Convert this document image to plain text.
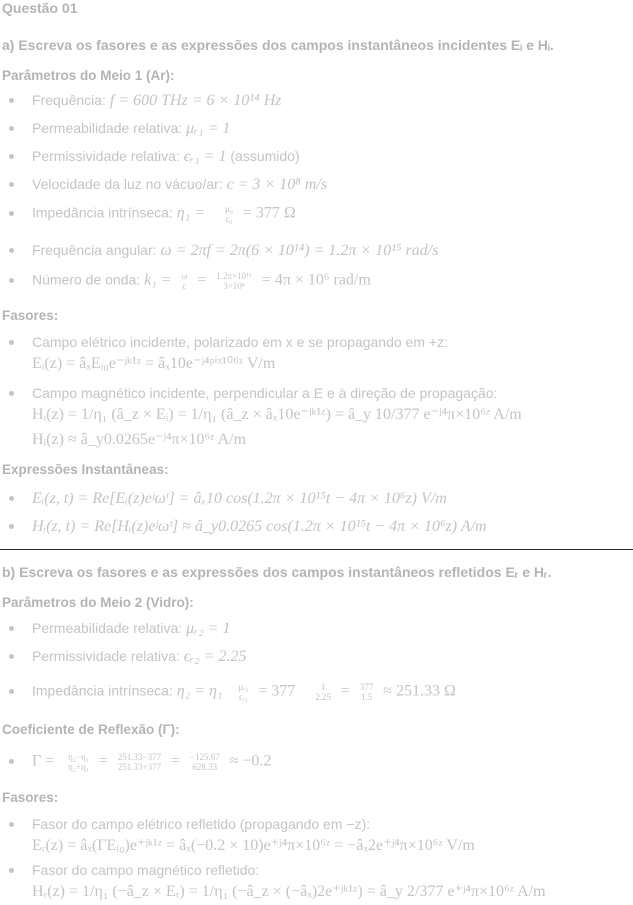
Questão 01
a) Escreva os fasores e as expressões dos campos instantâneos incidentes Eᵢ e Hᵢ.
Parâmetros do Meio 1 (Ar):
Frequência: f = 600 THz = 6 × 10¹⁴ Hz
Permeabilidade relativa: μᵣ₁ = 1
Permissividade relativa: ϵᵣ₁ = 1 (assumido)
Velocidade da luz no vácuo/ar: c = 3 × 10⁸ m/s
Impedância intrínseca: η₁ = μ₀
ϵ₀ = 377 Ω
Frequência angular: ω = 2πf = 2π(6 × 10¹⁴) = 1.2π × 10¹⁵ rad/s
Número de onda: k₁ = ω
c = 1.2π×10¹⁵
3×10⁸	= 4π × 10⁶ rad/m
Fasores:
Campo elétrico incidente, polarizado em x e se propagando em +z:
Eᵢ(z) = âₓEᵢ₀e⁻ʲᵏ¹ᶻ = âₓ10e⁻ʲ⁴ᵖⁱˣ¹⁰⁶ᶻ V/m
Campo magnético incidente, perpendicular a E e à direção de propagação:
Hᵢ(z) = 1/η₁ (â_z × Eᵢ) = 1/η₁ (â_z × âₓ10e⁻ʲᵏ¹ᶻ) = â_y 10/377 e⁻ʲ⁴π×10⁶ᶻ A/m
Hᵢ(z) ≈ â_y0.0265e⁻ʲ⁴π×10⁶ᶻ A/m
Expressões Instantâneas:
Eᵢ(z, t) = Re[Eᵢ(z)eʲωᵗ] = âₓ10 cos(1.2π × 10¹⁵t − 4π × 10⁶z) V/m
Hᵢ(z, t) = Re[Hᵢ(z)eʲωᵗ] ≈ â_y0.0265 cos(1.2π × 10¹⁵t − 4π × 10⁶z) A/m
b) Escreva os fasores e as expressões dos campos instantâneos refletidos Eᵣ e Hᵣ.
Parâmetros do Meio 2 (Vidro):
Permeabilidade relativa: μᵣ₂ = 1
Permissividade relativa: ϵᵣ₂ = 2.25
Impedância intrínseca: η₂ = η₁ μᵣ₂
ϵᵣ₂ = 377	1
2.25 = 377
1.5 ≈ 251.33 Ω
Coeficiente de Reflexão (Γ):
Γ = η₂−η₁
η₂+η₁ = 251.33−377
251.33+377 = −125.67
628.33 ≈ −0.2
Fasores:
Fasor do campo elétrico refletido (propagando em −z):
Eᵣ(z) = âₓ(ΓEᵢ₀)e⁺ʲᵏ¹ᶻ = âₓ(−0.2 × 10)e⁺ʲ⁴π×10⁶ᶻ = −âₓ2e⁺ʲ⁴π×10⁶ᶻ V/m
Fasor do campo magnético refletido:
Hᵣ(z) = 1/η₁ (−â_z × Eᵣ) = 1/η₁ (−â_z × (−âₓ)2e⁺ʲᵏ¹ᶻ) = â_y 2/377 e⁺ʲ⁴π×10⁶ᶻ A/m
